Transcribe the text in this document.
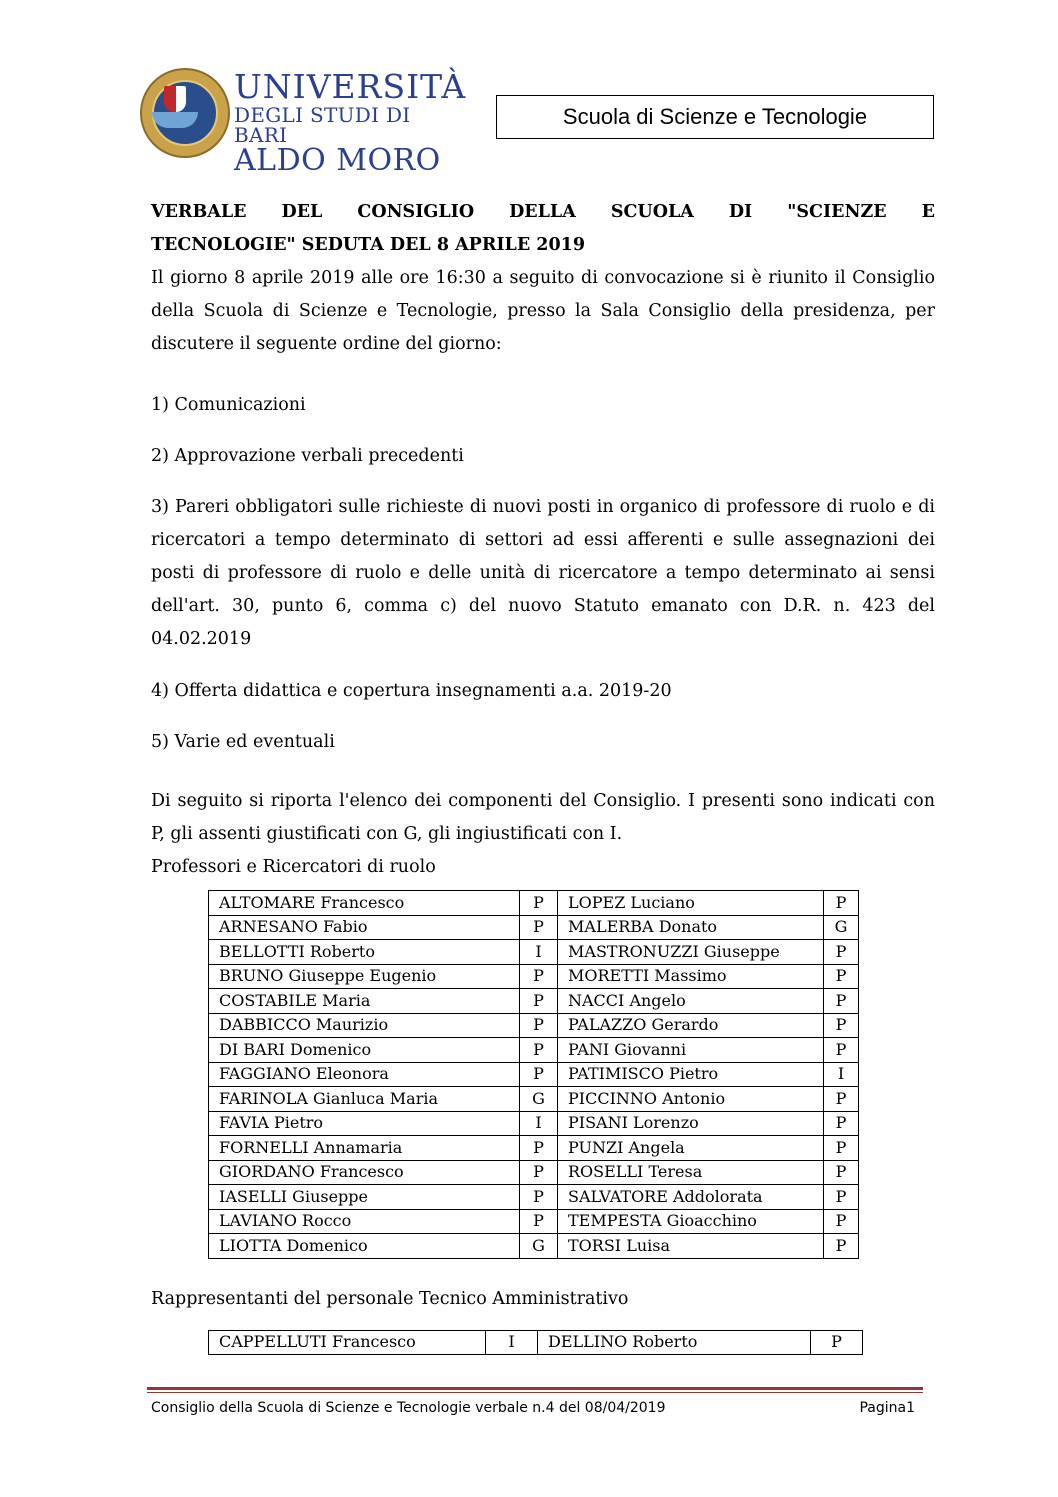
UNIVERSITÀ
DEGLI STUDI DI BARI
ALDO MORO
Scuola di Scienze e Tecnologie
VERBALE DEL CONSIGLIO DELLA SCUOLA DI "SCIENZE E
TECNOLOGIE" SEDUTA DEL 8 APRILE 2019

Il giorno 8 aprile 2019 alle ore 16:30 a seguito di convocazione si è riunito il Consiglio della Scuola di Scienze e Tecnologie, presso la Sala Consiglio della presidenza, per discutere il seguente ordine del giorno:

1) Comunicazioni

2) Approvazione verbali precedenti

3) Pareri obbligatori sulle richieste di nuovi posti in organico di professore di ruolo e di ricercatori a tempo determinato di settori ad essi afferenti e sulle assegnazioni dei posti di professore di ruolo e delle unità di ricercatore a tempo determinato ai sensi dell'art. 30, punto 6, comma c) del nuovo Statuto emanato con D.R. n. 423 del 04.02.2019

4) Offerta didattica e copertura insegnamenti a.a. 2019-20

5) Varie ed eventuali

Di seguito si riporta l'elenco dei componenti del Consiglio. I presenti sono indicati con P, gli assenti giustificati con G, gli ingiustificati con I.

Professori e Ricercatori di ruolo

ALTOMARE Francesco	P	LOPEZ Luciano	P
ARNESANO Fabio	P	MALERBA Donato	G
BELLOTTI Roberto	I	MASTRONUZZI Giuseppe	P
BRUNO Giuseppe Eugenio	P	MORETTI Massimo	P
COSTABILE Maria	P	NACCI Angelo	P
DABBICCO Maurizio	P	PALAZZO Gerardo	P
DI BARI Domenico	P	PANI Giovanni	P
FAGGIANO Eleonora	P	PATIMISCO Pietro	I
FARINOLA Gianluca Maria	G	PICCINNO Antonio	P
FAVIA Pietro	I	PISANI Lorenzo	P
FORNELLI Annamaria	P	PUNZI Angela	P
GIORDANO Francesco	P	ROSELLI Teresa	P
IASELLI Giuseppe	P	SALVATORE Addolorata	P
LAVIANO Rocco	P	TEMPESTA Gioacchino	P
LIOTTA Domenico	G	TORSI Luisa	P

Rappresentanti del personale Tecnico Amministrativo

CAPPELLUTI Francesco	I	DELLINO Roberto	P
Consiglio della Scuola di Scienze e Tecnologie verbale n.4 del 08/04/2019	Pagina1
